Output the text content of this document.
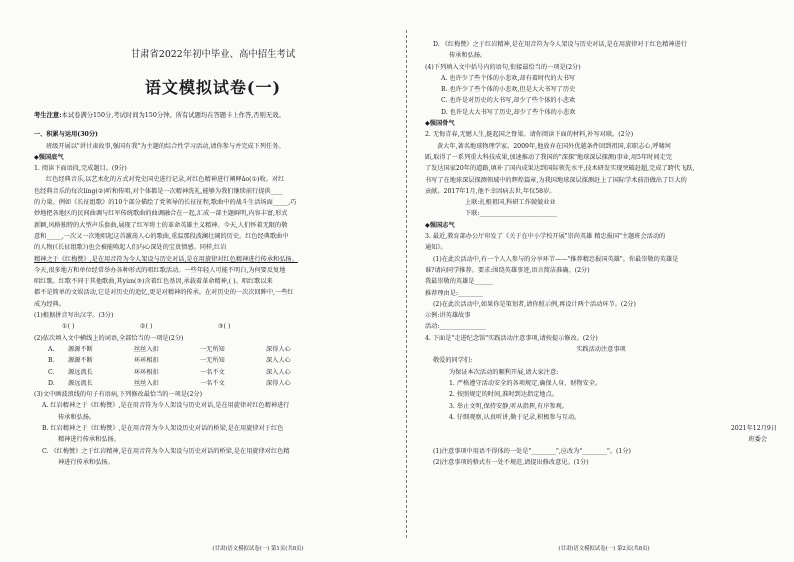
甘肃省2022年初中毕业、高中招生考试
语文模拟试卷(一)
考生注意:本试卷满分150分,考试时间为150分钟。所有试题均在答题卡上作答,否则无效。
一、积累与运用(30分)
班级开展以"讲甘肃故事,强国有我"为主题的综合性学习活动,请你参与并完成下列任务。
◆强国底气
1. 阅读下面语段,完成题目。(9分)
红色经典音乐,以艺术化的方式对党史国史进行记录,对红色精神进行阐释ǎo(①)收。对红
色经典音乐的每次líng(②)听和传唱,对个体都是一次精神洗礼,能够为我们继续前行提供____
的力量。例如《长征组歌》的10个部分描绘了党领导的长征征程,歌曲中的战斗生活场面_____,巧
妙地把各地区的民间曲调与红军传统歌曲的曲调融合在一起,汇成一部主题鲜明,内容丰富,形式
新颖,风格独特的大型声乐套曲,展现了红军将士的革命英雄主义精神。今天,人们怀着无限的敬
意和_____,一次又一次地唱起这首激荡人心的歌曲,重温那段波澜壮阔的历史。红色经典歌曲中
的人物(《长征组歌》)也会被能唤起人们内心深处的宝贵情感。同样,红岩
精神之于《红梅赞》,是在用音符为今人架设与历史对话,是在用旋律对红色精神进行传承和弘扬。
今天,很多地方和单位经常举办各种形式的唱红歌活动。一些年轻人可能不明白,为何要反复地
唱红歌。红歌不同于其他歌曲,其yùn(③)含着红色基因,承载着革命精神,( )。唱红歌以来
都不是简单的文娱活动,它是对历史的追忆,更是对精神的传承。在对历史的一次次回眸中,一些红
成为经典。
(1)根据拼音写出汉字。(3分)
①( )	②( )	③( )
(2)依次填入文中横线上的词语,全部恰当的一项是(2分)
A.	源源不断	丝丝入扣	一无所知	深得人心
B.	源源不断	环环相扣	一无所知	深入人心
C.	源远流长	环环相扣	一名不文	深入人心
D.	源远流长	丝丝入扣	一名不文	深得人心
(3)文中画波浪线的句子有语病,下列修改最恰当的一项是(2分)
A. 红岩精神之于《红梅赞》,是在用音符为今人架设与历史对话,是在用旋律对红色精神进行
传承和弘扬。
B. 红岩精神之于《红梅赞》,是在用音符为今人架设历史对话的桥梁,是在用旋律对于红色
精神进行传承和弘扬。
C. 《红梅赞》之于红岩精神,是在用音符为今人架设与历史对话的桥梁,是在用旋律对红色精
神进行传承和弘扬。
D. 《红梅赞》之于红岩精神,是在用音符为今人架设与历史对话,是在用旋律对于红色精神进行
传承和弘扬。
(4)下列填入文中括号内的语句,衔接最恰当的一项是(2分)
A. 也许少了些个体的小悲欢,却有着时代的大书写
B. 也许少了些个体的小悲欢,但是大大书写了历史
C. 也许是对历史的大书写,却少了些个体的小悲欢
D. 也许是大大书写了历史,却少了些个体的小悲欢
◆强国骨气
2. 无悔青春,无憾人生,挺起国之脊梁。请你阅读下面的材料,补写对联。(2分)
黄大年,著名地球物理学家。2009年,他放弃在国外优越条件回到祖国,求职志心,呼啸坷
跖,取得了一系列重大科技成果,加速推动了我国的"深探"地球深层探测)事业,用5年时间走完
了发达国家20年的道路,填补了国内成果达到国际领先水平,技术研发实现突破赶超,完成了跨代飞跃,
书写了在地球深层探测领域中的辉煌篇章,为我国地球深层探测赶上了国际学术前沿做出了巨大的
贡献。2017年1月,他不幸因病去世,年仅58岁。
上联:扎根祖国,科研工作兢兢业业
下联:_________________________
◆强国志气
3. 最近,教育部办公厅印发了《关于在中小学校开展"崇尚英雄 精忠报国"主题班会活动的
通知》。
(1)在此次活动中,有一个人人参与的分享环节——"推荐精忠报国英雄"。你最崇敬的英雄是
谁?请向同学推荐。要求:围绕英雄事迹,语言简洁准确。(2分)
我最崇敬的英雄是______
推荐理由是:________
(2)在此次活动中,如果你是策划者,请你照示例,再设计两个活动环节。(2分)
示例:讲英雄故事
活动:_______________
4. 下面是"走进纪念馆"实践活动注意事项,请按提示修改。(2分)
实践活动注意事项
敬爱的同学们:
为保证本次活动的顺利开展,请大家注意:
1. 严格遵守活动安全的各项规定,确保人身、财物安全。
2. 按照规定的时间,准时到达指定地点。
3. 举止文明,保持安静,听从指挥,有序参观。
4. 仔细观察,认真听讲,勤于记录,积极参与互动。
2021年12月9日
班委会
(1)注意事项中用语不得体的一处是"________",应改为"________"。(1分)
(2)注意事项的格式有一处不规范,请提出修改意见。(1分)
(甘肃)语文模拟试卷(一) 第1页(共8页)	(甘肃)语文模拟试卷(一) 第2页(共8页)
